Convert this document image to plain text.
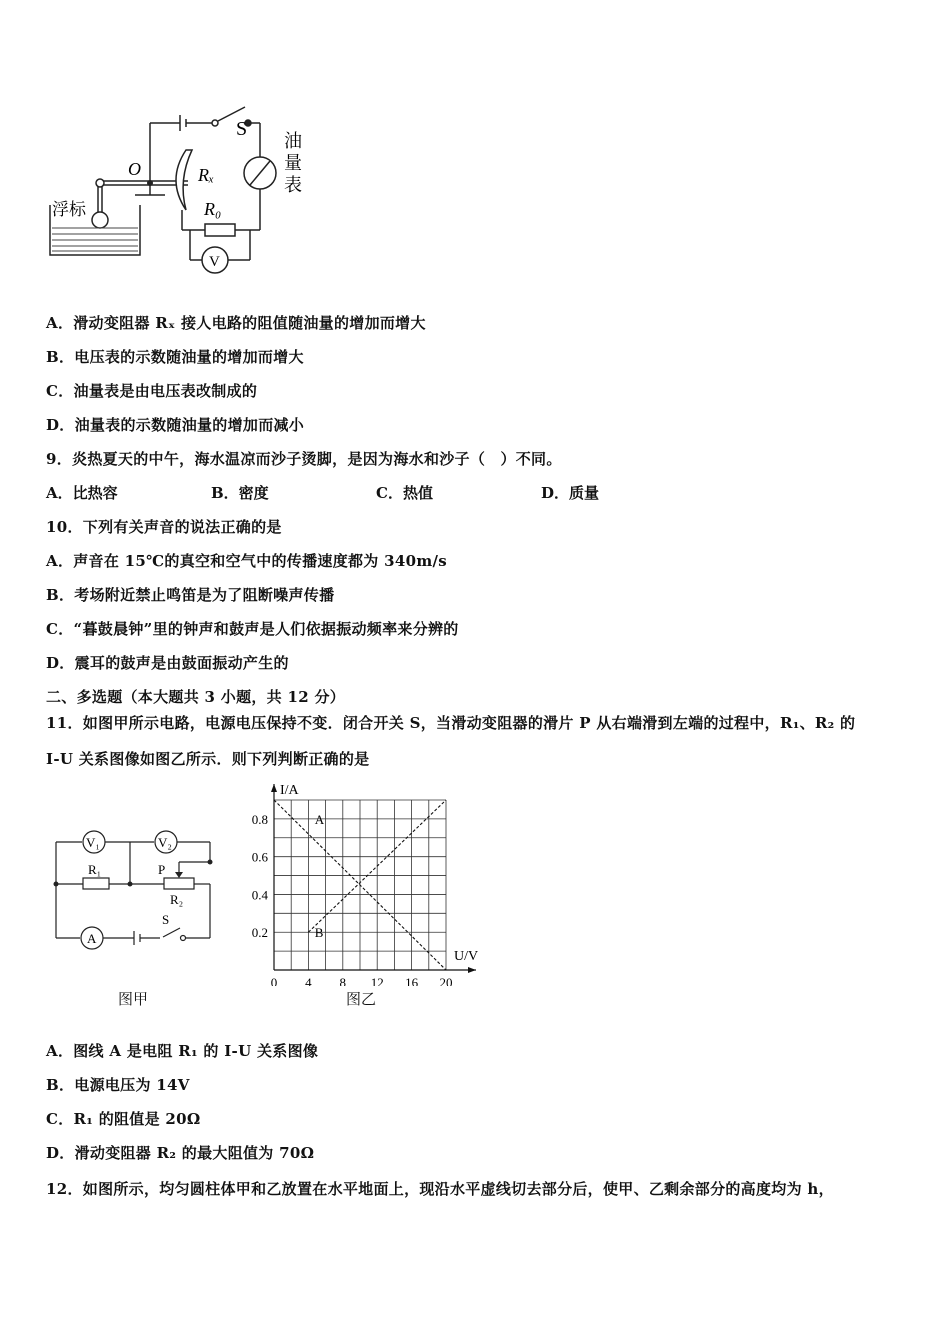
S
O	Rₓ
R₀
V
浮标
油
量
表
A．滑动变阻器 Rₓ 接人电路的阻值随油量的增加而增大
B．电压表的示数随油量的增加而增大
C．油量表是由电压表改制成的
D．油量表的示数随油量的增加而减小
9．炎热夏天的中午，海水温凉而沙子烫脚，是因为海水和沙子（　）不同。
A．比热容	B．密度	C．热值	D．质量
10．下列有关声音的说法正确的是
A．声音在 15℃的真空和空气中的传播速度都为 340m/s
B．考场附近禁止鸣笛是为了阻断噪声传播
C．“暮鼓晨钟”里的钟声和鼓声是人们依据振动频率来分辨的
D．震耳的鼓声是由鼓面振动产生的
二、多选题（本大题共 3 小题，共 12 分）
11．如图甲所示电路，电源电压保持不变．闭合开关 S，当滑动变阻器的滑片 P 从右端滑到左端的过程中，R₁、R₂ 的
I-U 关系图像如图乙所示．则下列判断正确的是
V₁	V₂
R₁	P
R₂
S
A
图甲
0 4 8 12 16 20
0.2
0.4
0.6
0.8
U/V
I/A
A
B
图乙
A．图线 A 是电阻 R₁ 的 I-U 关系图像
B．电源电压为 14V
C．R₁ 的阻值是 20Ω
D．滑动变阻器 R₂ 的最大阻值为 70Ω
12．如图所示，均匀圆柱体甲和乙放置在水平地面上，现沿水平虚线切去部分后，使甲、乙剩余部分的高度均为 h，
